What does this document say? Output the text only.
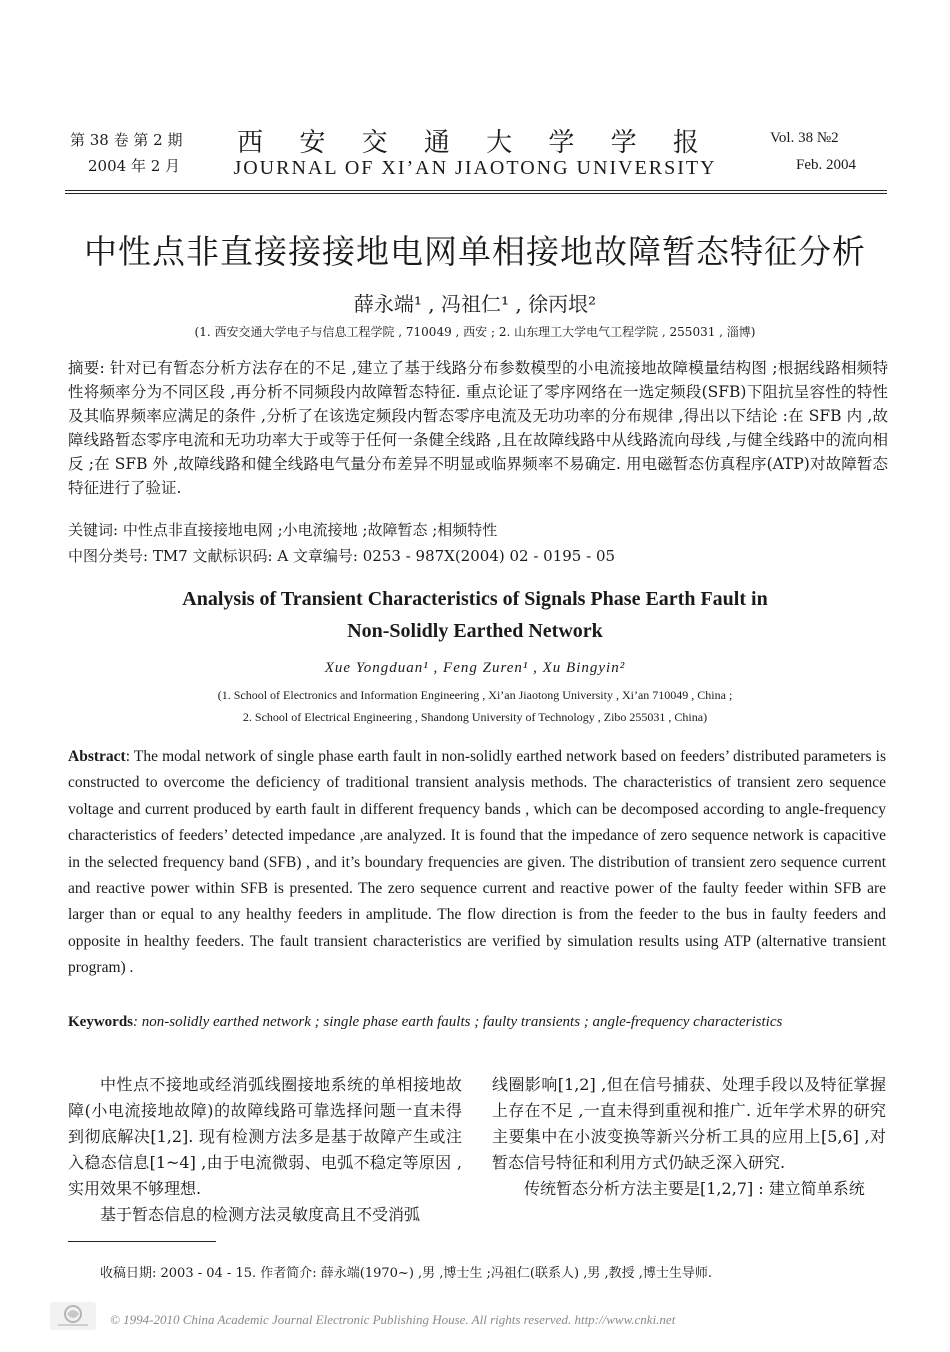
第 38 卷 第 2 期
2004 年 2 月
西 安 交 通 大 学 学 报
JOURNAL OF XI’AN JIAOTONG UNIVERSITY
Vol. 38 №2
Feb. 2004
中性点非直接接接地电网单相接地故障暂态特征分析
薛永端¹ , 冯祖仁¹ , 徐丙垠²
(1. 西安交通大学电子与信息工程学院 , 710049 , 西安 ; 2. 山东理工大学电气工程学院 , 255031 , 淄博)
摘要: 针对已有暂态分析方法存在的不足 ,建立了基于线路分布参数模型的小电流接地故障模量结构图 ;根据线路相频特性将频率分为不同区段 ,再分析不同频段内故障暂态特征. 重点论证了零序网络在一选定频段(SFB)下阻抗呈容性的特性及其临界频率应满足的条件 ,分析了在该选定频段内暂态零序电流及无功功率的分布规律 ,得出以下结论 :在 SFB 内 ,故障线路暂态零序电流和无功功率大于或等于任何一条健全线路 ,且在故障线路中从线路流向母线 ,与健全线路中的流向相反 ;在 SFB 外 ,故障线路和健全线路电气量分布差异不明显或临界频率不易确定. 用电磁暂态仿真程序(ATP)对故障暂态特征进行了验证.
关键词: 中性点非直接接地电网 ;小电流接地 ;故障暂态 ;相频特性
中图分类号: TM7 文献标识码: A 文章编号: 0253 - 987X(2004) 02 - 0195 - 05
Analysis of Transient Characteristics of Signals Phase Earth Fault in
Non-Solidly Earthed Network
Xue Yongduan¹ , Feng Zuren¹ , Xu Bingyin²
(1. School of Electronics and Information Engineering , Xi’an Jiaotong University , Xi’an 710049 , China ;
2. School of Electrical Engineering , Shandong University of Technology , Zibo 255031 , China)
Abstract: The modal network of single phase earth fault in non-solidly earthed network based on feeders’ distributed parameters is constructed to overcome the deficiency of traditional transient analysis methods. The characteristics of transient zero sequence voltage and current produced by earth fault in different frequency bands , which can be decomposed according to angle-frequency characteristics of feeders’ detected impedance ,are analyzed. It is found that the impedance of zero sequence network is capacitive in the selected frequency band (SFB) , and it’s boundary frequencies are given. The distribution of transient zero sequence current and reactive power within SFB is presented. The zero sequence current and reactive power of the faulty feeder within SFB are larger than or equal to any healthy feeders in amplitude. The flow direction is from the feeder to the bus in faulty feeders and opposite in healthy feeders. The fault transient characteristics are verified by simulation results using ATP (alternative transient program) .
Keywords: non-solidly earthed network ; single phase earth faults ; faulty transients ; angle-frequency characteristics

中性点不接地或经消弧线圈接地系统的单相接地故障(小电流接地故障)的故障线路可靠选择问题一直未得到彻底解决[1,2]. 现有检测方法多是基于故障产生或注入稳态信息[1~4] ,由于电流微弱、电弧不稳定等原因 ,实用效果不够理想.

基于暂态信息的检测方法灵敏度高且不受消弧

线圈影响[1,2] ,但在信号捕获、处理手段以及特征掌握上存在不足 ,一直未得到重视和推广. 近年学术界的研究主要集中在小波变换等新兴分析工具的应用上[5,6] ,对暂态信号特征和利用方式仍缺乏深入研究.

传统暂态分析方法主要是[1,2,7] : 建立简单系统

收稿日期: 2003 - 04 - 15. 作者简介: 薛永端(1970~) ,男 ,博士生 ;冯祖仁(联系人) ,男 ,教授 ,博士生导师.
© 1994-2010 China Academic Journal Electronic Publishing House. All rights reserved. http://www.cnki.net
